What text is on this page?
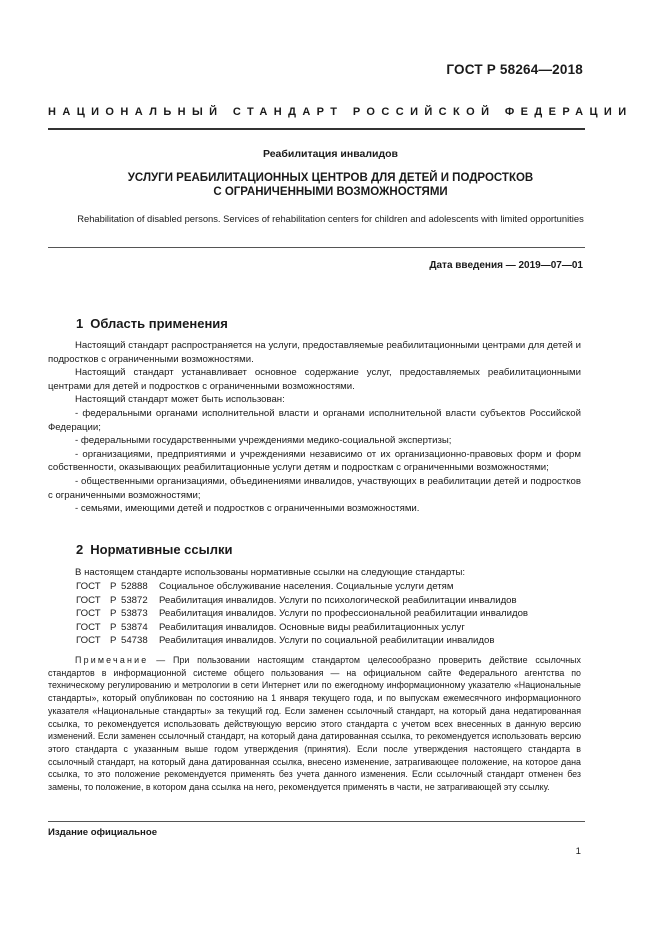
ГОСТ Р 58264—2018
НАЦИОНАЛЬНЫЙ СТАНДАРТ РОССИЙСКОЙ ФЕДЕРАЦИИ
Реабилитация инвалидов
УСЛУГИ РЕАБИЛИТАЦИОННЫХ ЦЕНТРОВ ДЛЯ ДЕТЕЙ И ПОДРОСТКОВ
С ОГРАНИЧЕННЫМИ ВОЗМОЖНОСТЯМИ
Rehabilitation of disabled persons. Services of rehabilitation centers for children and adolescents with limited opportunities
Дата введения — 2019—07—01
1 Область применения

Настоящий стандарт распространяется на услуги, предоставляемые реабилитационными центрами для детей и подростков с ограниченными возможностями.

Настоящий стандарт устанавливает основное содержание услуг, предоставляемых реабилитационными центрами для детей и подростков с ограниченными возможностями.

Настоящий стандарт может быть использован:

- федеральными органами исполнительной власти и органами исполнительной власти субъектов Российской Федерации;

- федеральными государственными учреждениями медико-социальной экспертизы;

- организациями, предприятиями и учреждениями независимо от их организационно-правовых форм и форм собственности, оказывающих реабилитационные услуги детям и подросткам с ограниченными возможностями;

- общественными организациями, объединениями инвалидов, участвующих в реабилитации детей и подростков с ограниченными возможностями;

- семьями, имеющими детей и подростков с ограниченными возможностями.

2 Нормативные ссылки

В настоящем стандарте использованы нормативные ссылки на следующие стандарты:

ГОСТ Р 52888	Социальное обслуживание населения. Социальные услуги детям
ГОСТ Р 53872	Реабилитация инвалидов. Услуги по психологической реабилитации инвалидов
ГОСТ Р 53873	Реабилитация инвалидов. Услуги по профессиональной реабилитации инвалидов
ГОСТ Р 53874	Реабилитация инвалидов. Основные виды реабилитационных услуг
ГОСТ Р 54738	Реабилитация инвалидов. Услуги по социальной реабилитации инвалидов

Примечание — При пользовании настоящим стандартом целесообразно проверить действие ссылочных стандартов в информационной системе общего пользования — на официальном сайте Федерального агентства по техническому регулированию и метрологии в сети Интернет или по ежегодному информационному указателю «Национальные стандарты», который опубликован по состоянию на 1 января текущего года, и по выпускам ежемесячного информационного указателя «Национальные стандарты» за текущий год. Если заменен ссылочный стандарт, на который дана недатированная ссылка, то рекомендуется использовать действующую версию этого стандарта с учетом всех внесенных в данную версию изменений. Если заменен ссылочный стандарт, на который дана датированная ссылка, то рекомендуется использовать версию этого стандарта с указанным выше годом утверждения (принятия). Если после утверждения настоящего стандарта в ссылочный стандарт, на который дана датированная ссылка, внесено изменение, затрагивающее положение, на которое дана ссылка, то это положение рекомендуется применять без учета данного изменения. Если ссылочный стандарт отменен без замены, то положение, в котором дана ссылка на него, рекомендуется применять в части, не затрагивающей эту ссылку.

Издание официальное
1
